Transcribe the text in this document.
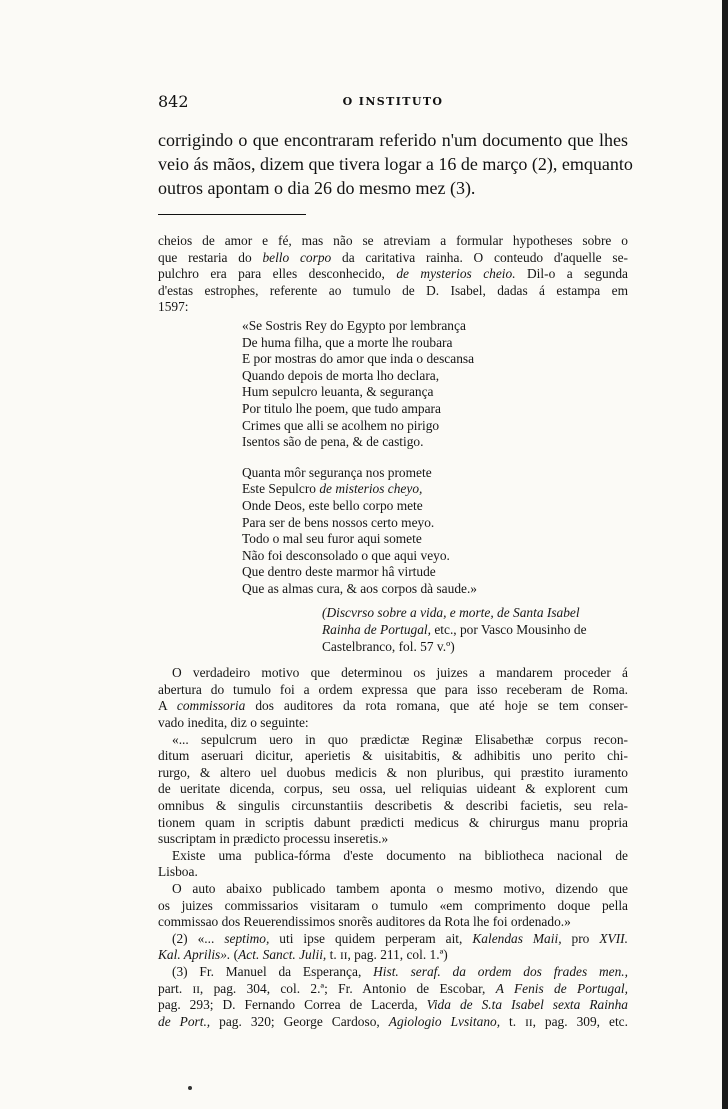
842	O INSTITUTO
corrigindo o que encontraram referido n'um documento que lhes
veio ás mãos, dizem que tivera logar a 16 de março (2), emquanto
outros apontam o dia 26 do mesmo mez (3).

cheios de amor e fé, mas não se atreviam a formular hypotheses sobre o

que restaria do bello corpo da caritativa rainha. O conteudo d'aquelle se-

pulchro era para elles desconhecido, de mysterios cheio. Dil-o a segunda

d'estas estrophes, referente ao tumulo de D. Isabel, dadas á estampa em

1597:

«Se Sostris Rey do Egypto por lembrança
De huma filha, que a morte lhe roubara
E por mostras do amor que inda o descansa
Quando depois de morta lho declara,
Hum sepulcro leuanta, & segurança
Por titulo lhe poem, que tudo ampara
Crimes que alli se acolhem no pirigo
Isentos são de pena, & de castigo.
Quanta môr segurança nos promete
Este Sepulcro de misterios cheyo,
Onde Deos, este bello corpo mete
Para ser de bens nossos certo meyo.
Todo o mal seu furor aqui somete
Não foi desconsolado o que aqui veyo.
Que dentro deste marmor hâ virtude
Que as almas cura, & aos corpos dà saude.»
(Discvrso sobre a vida, e morte, de Santa Isabel
Rainha de Portugal, etc., por Vasco Mousinho de
Castelbranco, fol. 57 v.º)

O verdadeiro motivo que determinou os juizes a mandarem proceder á

abertura do tumulo foi a ordem expressa que para isso receberam de Roma.

A commissoria dos auditores da rota romana, que até hoje se tem conser-

vado inedita, diz o seguinte:

«... sepulcrum uero in quo prædictæ Reginæ Elisabethæ corpus recon-

ditum aseruari dicitur, aperietis & uisitabitis, & adhibitis uno perito chi-

rurgo, & altero uel duobus medicis & non pluribus, qui præstito iuramento

de ueritate dicenda, corpus, seu ossa, uel reliquias uideant & explorent cum

omnibus & singulis circunstantiis describetis & describi facietis, seu rela-

tionem quam in scriptis dabunt prædicti medicus & chirurgus manu propria

suscriptam in prædicto processu inseretis.»

Existe uma publica-fórma d'este documento na bibliotheca nacional de

Lisboa.

O auto abaixo publicado tambem aponta o mesmo motivo, dizendo que

os juizes commissarios visitaram o tumulo «em comprimento doque pella

commissao dos Reuerendissimos snorẽs auditores da Rota lhe foi ordenado.»

(2) «... septimo, uti ipse quidem perperam ait, Kalendas Maii, pro XVII.

Kal. Aprilis». (Act. Sanct. Julii, t. ɪɪ, pag. 211, col. 1.ª)

(3) Fr. Manuel da Esperança, Hist. seraf. da ordem dos frades men.,

part. ɪɪ, pag. 304, col. 2.ª; Fr. Antonio de Escobar, A Fenis de Portugal,

pag. 293; D. Fernando Correa de Lacerda, Vida de S.ta Isabel sexta Rainha

de Port., pag. 320; George Cardoso, Agiologio Lvsitano, t. ɪɪ, pag. 309, etc.
